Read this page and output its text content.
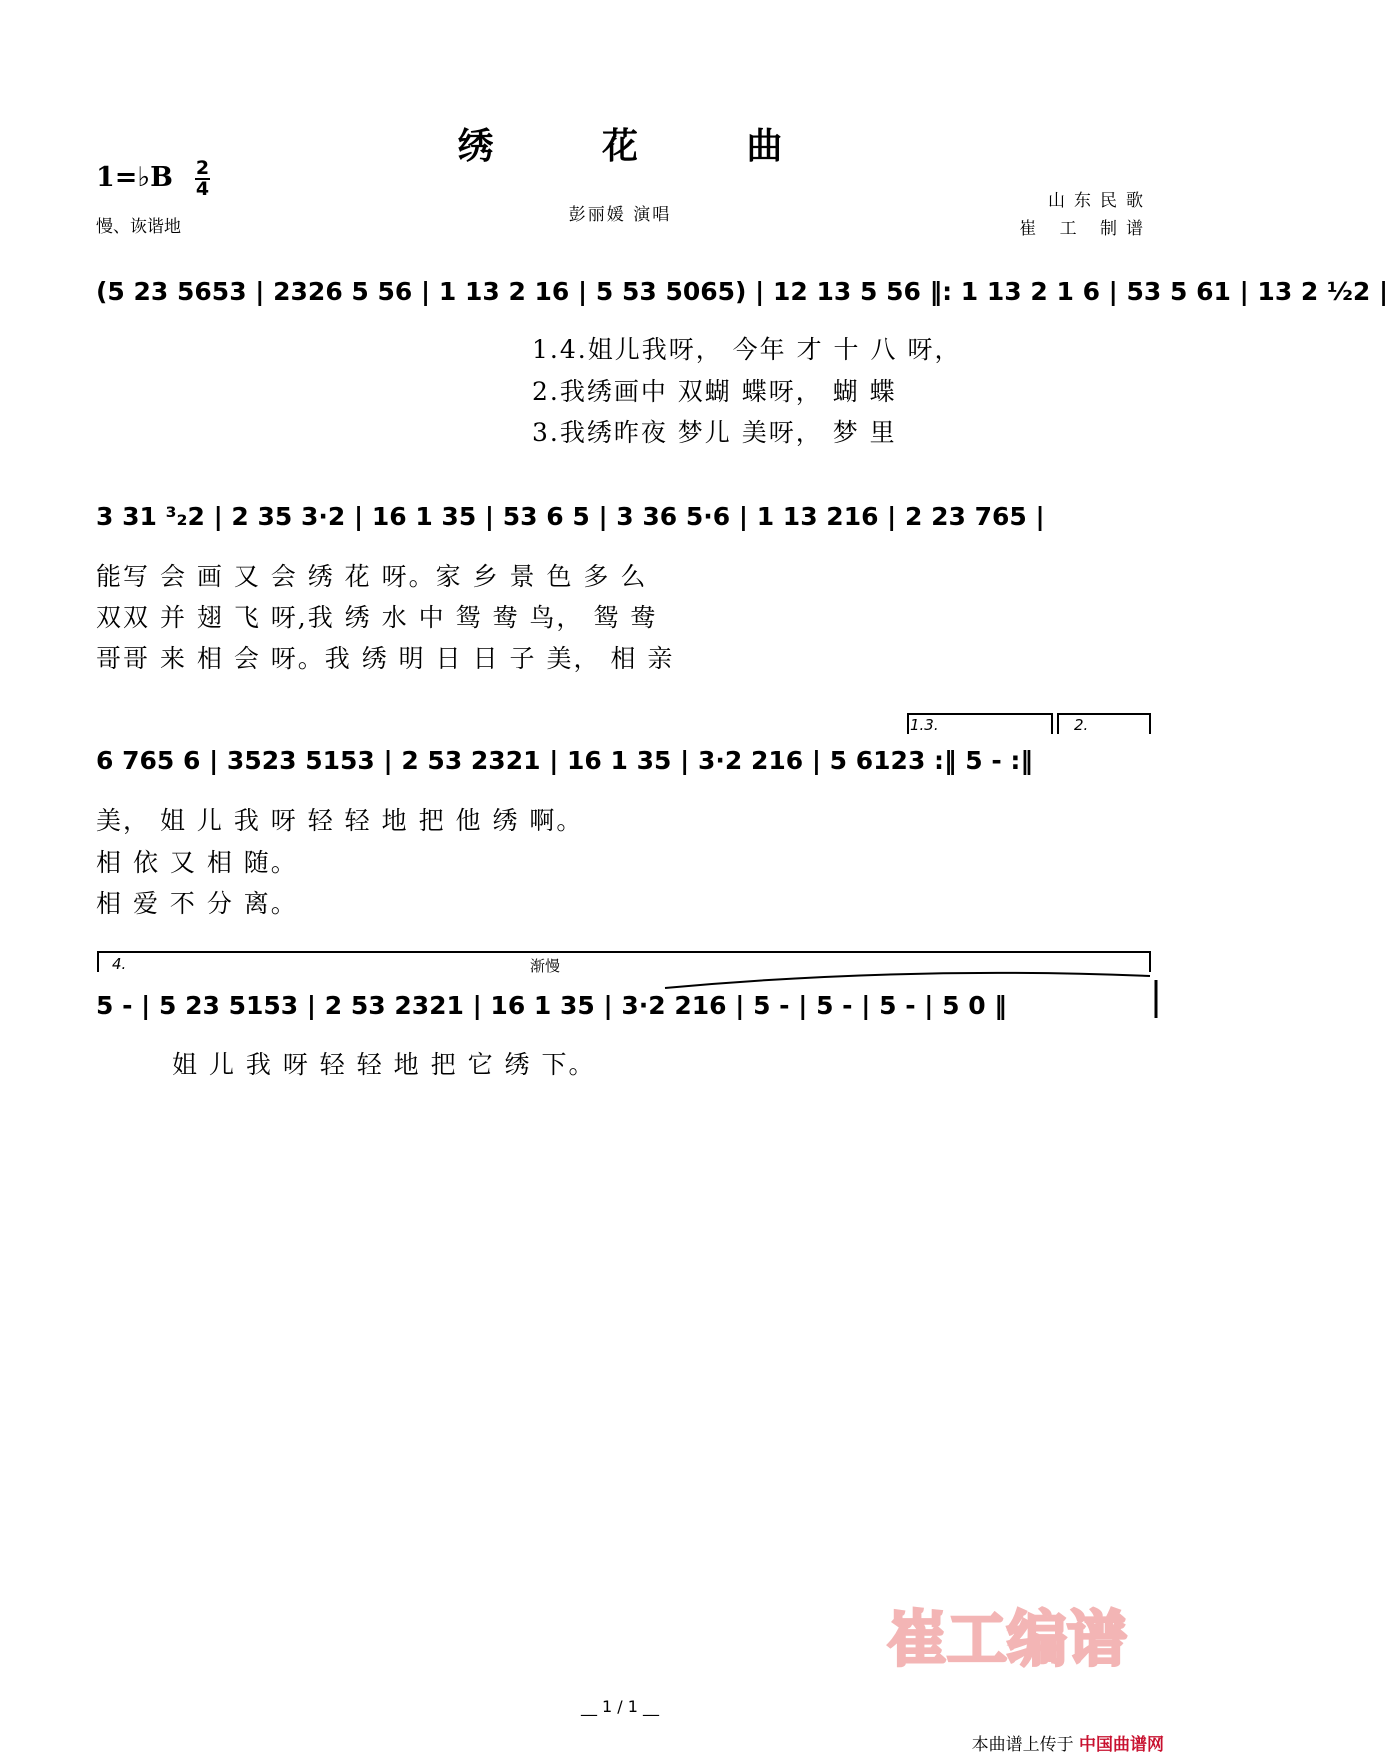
绣 花 曲
1=♭B 2
4
慢、诙谐地
彭丽媛 演唱
山东民歌
崔 工 制谱
(5 23 5653 | 2326 5 56 | 1 13 2 16 | 5 53 5065) | 12 13 5 56 ‖: 1 13 2 1 6 | 53 5 61 | 13 2 ½2 |
1.4.姐儿我呀， 今年 才 十 八 呀，
2.我绣画中 双蝴 蝶呀， 蝴 蝶
3.我绣昨夜 梦儿 美呀， 梦 里
3 31 ³₂2 | 2 35 3·2 | 16 1 35 | 53 6 5 | 3 36 5·6 | 1 13 216 | 2 23 765 |
能写 会 画 又 会 绣 花 呀。家 乡 景 色 多 么
双双 并 翅 飞 呀,我 绣 水 中 鸳 鸯 鸟， 鸳 鸯
哥哥 来 相 会 呀。我 绣 明 日 日 子 美， 相 亲
1.3.	2.
6 765 6 | 3523 5153 | 2 53 2321 | 16 1 35 | 3·2 216 | 5 6123 :‖ 5 - :‖
美， 姐 儿 我 呀 轻 轻 地 把 他 绣 啊。
相 依 又 相 随。
相 爱 不 分 离。
4.	渐慢
5 - | 5 23 5153 | 2 53 2321 | 16 1 35 | 3·2 216 | 5 - | 5 - | 5 - | 5 0 ‖
姐 儿 我 呀 轻 轻 地 把 它 绣 下。
崔工编谱
__ 1 / 1 __
本曲谱上传于 中国曲谱网
